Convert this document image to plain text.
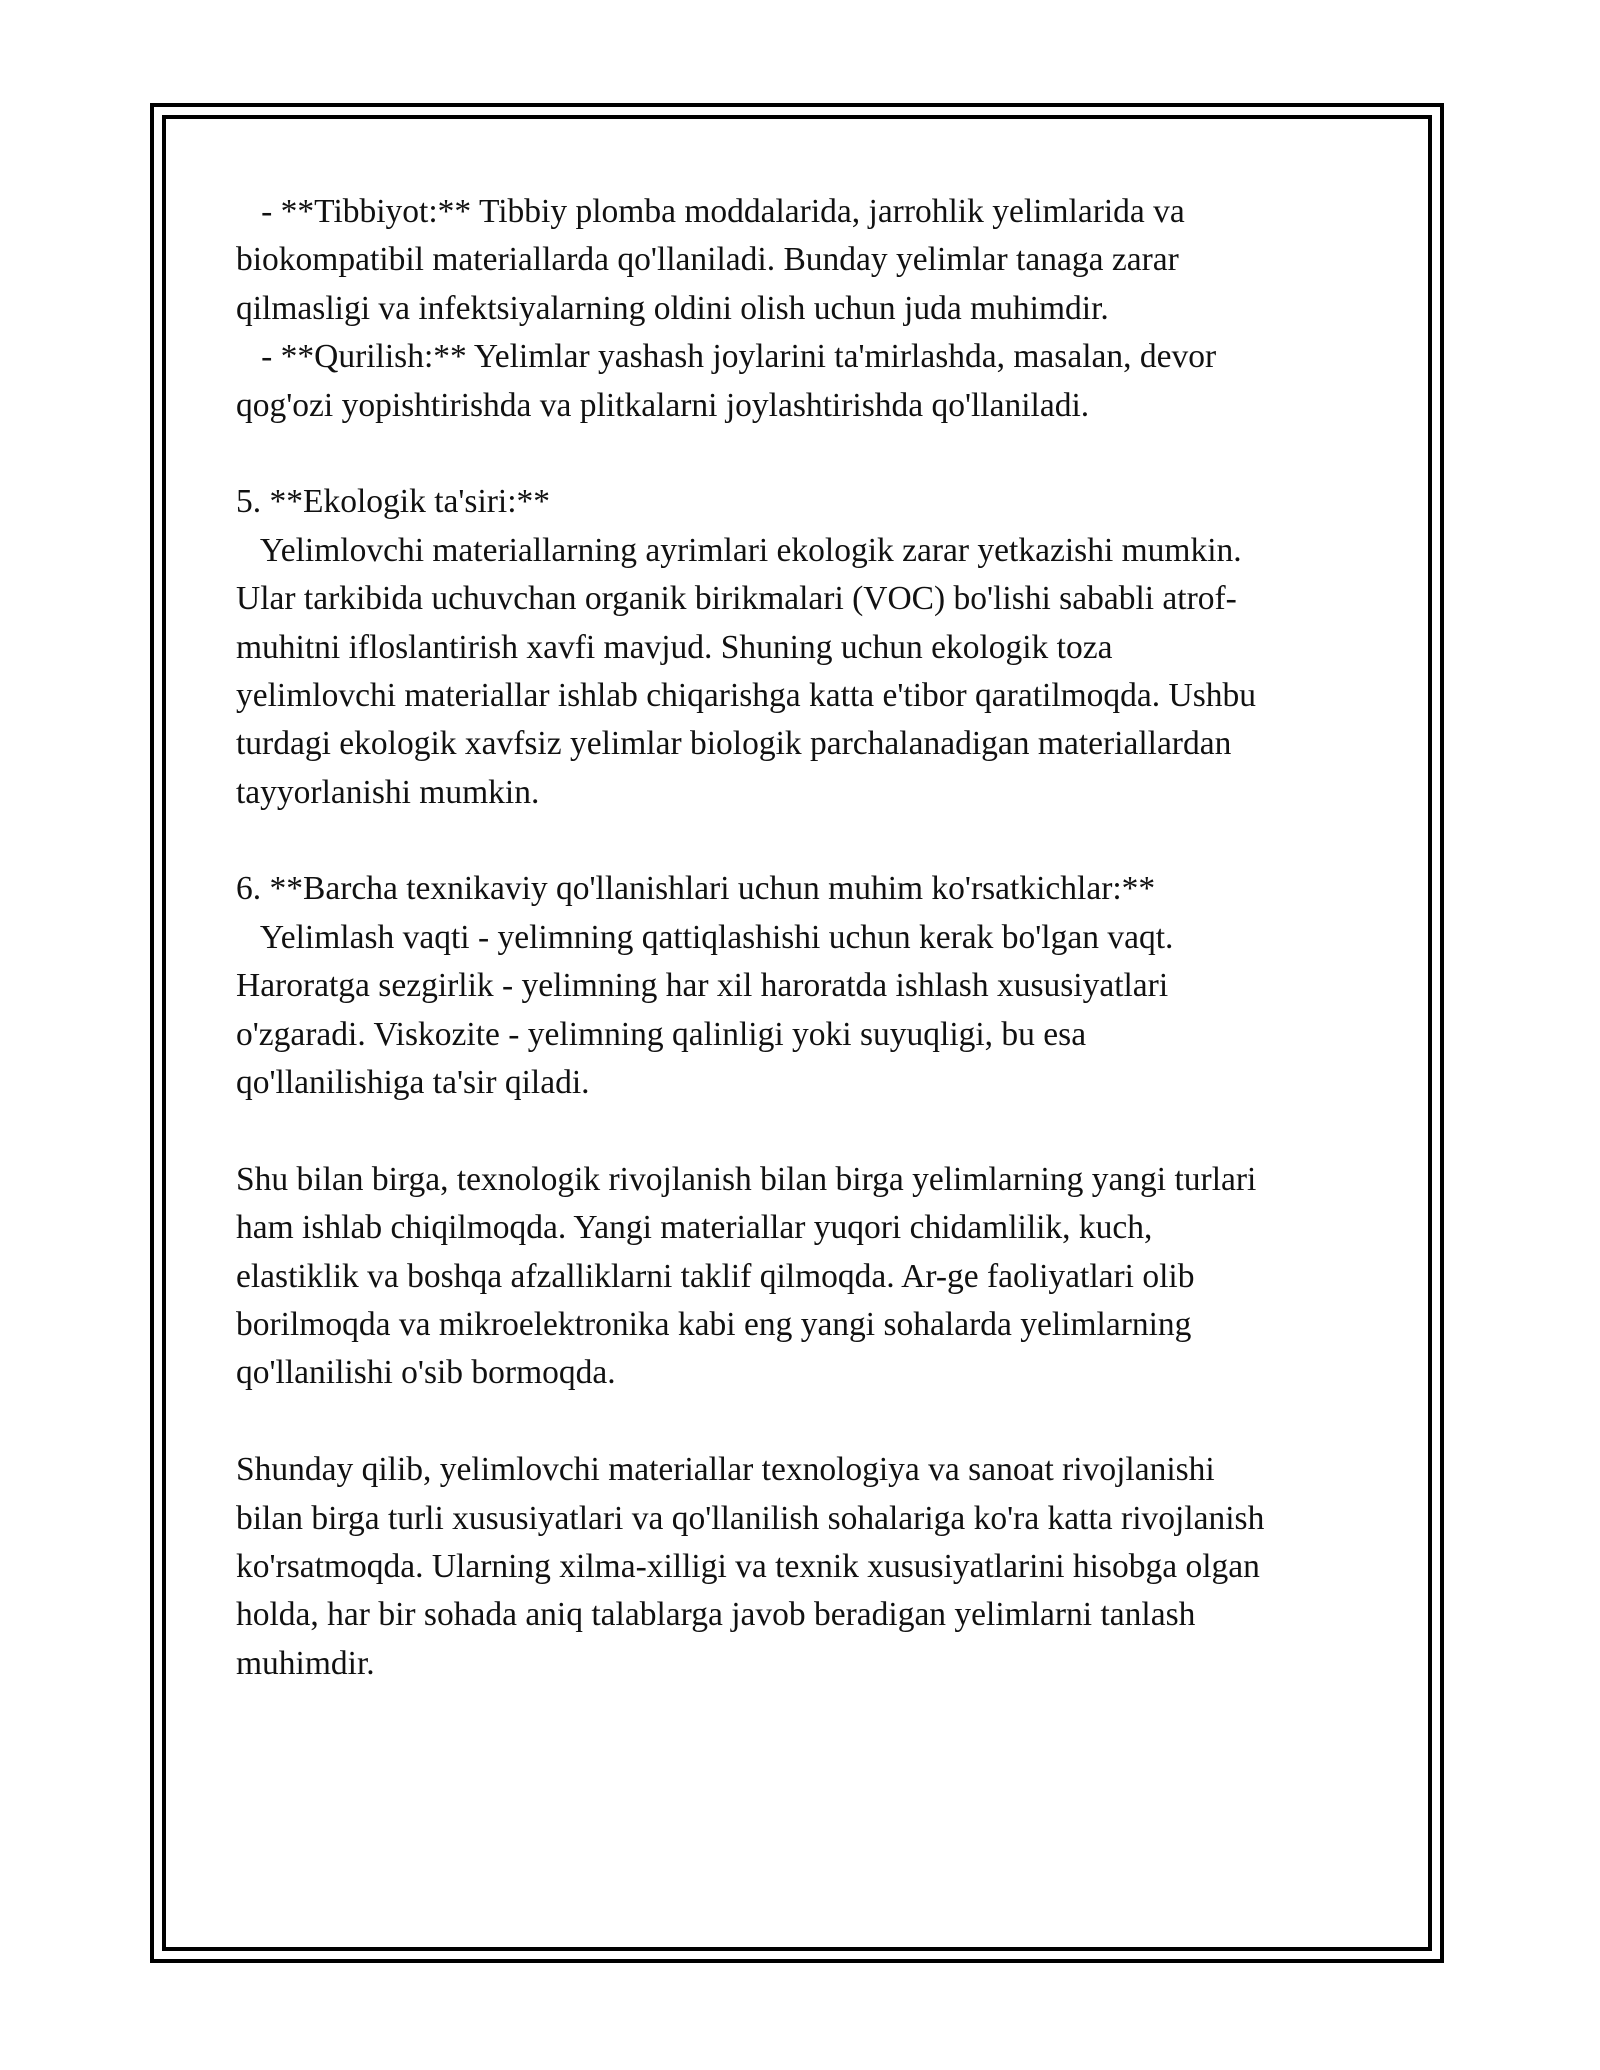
- **Tibbiyot:** Tibbiy plomba moddalarida, jarrohlik yelimlarida va
biokompatibil materiallarda qo'llaniladi. Bunday yelimlar tanaga zarar
qilmasligi va infektsiyalarning oldini olish uchun juda muhimdir.
- **Qurilish:** Yelimlar yashash joylarini ta'mirlashda, masalan, devor
qog'ozi yopishtirishda va plitkalarni joylashtirishda qo'llaniladi.
5. **Ekologik ta'siri:**
Yelimlovchi materiallarning ayrimlari ekologik zarar yetkazishi mumkin.
Ular tarkibida uchuvchan organik birikmalari (VOC) bo'lishi sababli atrof-
muhitni ifloslantirish xavfi mavjud. Shuning uchun ekologik toza
yelimlovchi materiallar ishlab chiqarishga katta e'tibor qaratilmoqda. Ushbu
turdagi ekologik xavfsiz yelimlar biologik parchalanadigan materiallardan
tayyorlanishi mumkin.
6. **Barcha texnikaviy qo'llanishlari uchun muhim ko'rsatkichlar:**
Yelimlash vaqti - yelimning qattiqlashishi uchun kerak bo'lgan vaqt.
Haroratga sezgirlik - yelimning har xil haroratda ishlash xususiyatlari
o'zgaradi. Viskozite - yelimning qalinligi yoki suyuqligi, bu esa
qo'llanilishiga ta'sir qiladi.
Shu bilan birga, texnologik rivojlanish bilan birga yelimlarning yangi turlari
ham ishlab chiqilmoqda. Yangi materiallar yuqori chidamlilik, kuch,
elastiklik va boshqa afzalliklarni taklif qilmoqda. Ar-ge faoliyatlari olib
borilmoqda va mikroelektronika kabi eng yangi sohalarda yelimlarning
qo'llanilishi o'sib bormoqda.
Shunday qilib, yelimlovchi materiallar texnologiya va sanoat rivojlanishi
bilan birga turli xususiyatlari va qo'llanilish sohalariga ko'ra katta rivojlanish
ko'rsatmoqda. Ularning xilma-xilligi va texnik xususiyatlarini hisobga olgan
holda, har bir sohada aniq talablarga javob beradigan yelimlarni tanlash
muhimdir.
